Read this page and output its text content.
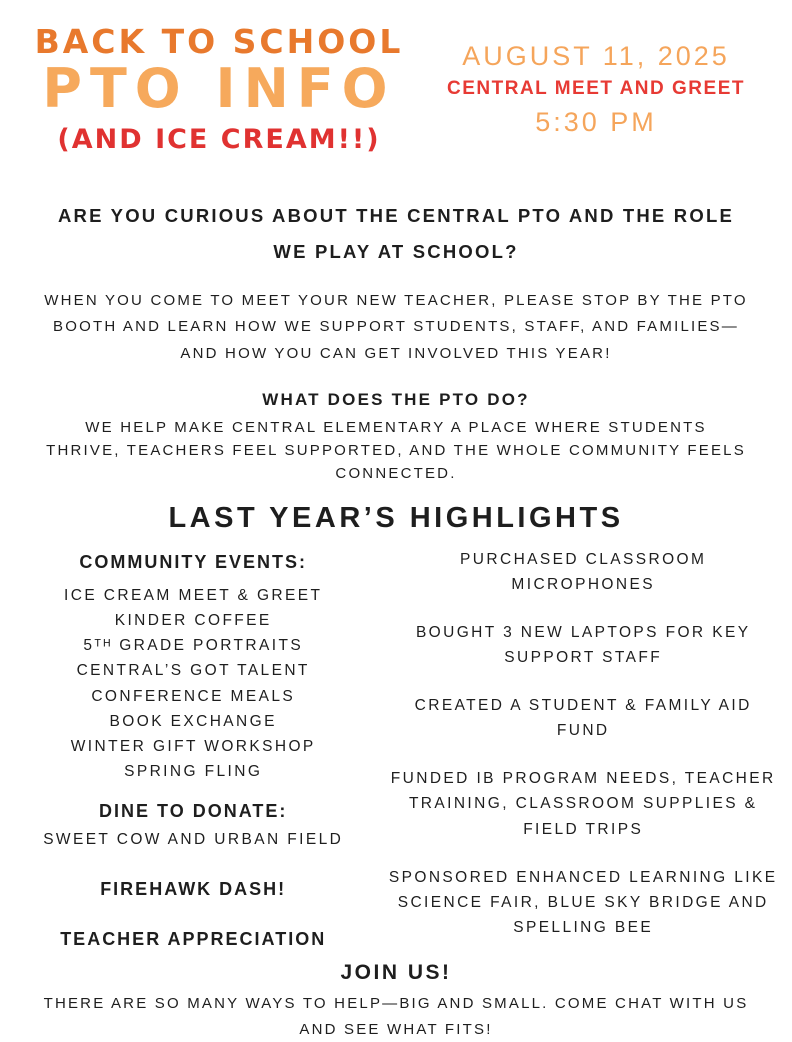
BACK TO SCHOOL
PTO INFO
(AND ICE CREAM!!)
AUGUST 11, 2025
CENTRAL MEET AND GREET
5:30 PM
ARE YOU CURIOUS ABOUT THE CENTRAL PTO AND THE ROLE WE PLAY AT SCHOOL?
WHEN YOU COME TO MEET YOUR NEW TEACHER, PLEASE STOP BY THE PTO BOOTH AND LEARN HOW WE SUPPORT STUDENTS, STAFF, AND FAMILIES— AND HOW YOU CAN GET INVOLVED THIS YEAR!
WHAT DOES THE PTO DO?
WE HELP MAKE CENTRAL ELEMENTARY A PLACE WHERE STUDENTS THRIVE, TEACHERS FEEL SUPPORTED, AND THE WHOLE COMMUNITY FEELS CONNECTED.
LAST YEAR’S HIGHLIGHTS
COMMUNITY EVENTS:
ICE CREAM MEET & GREET
KINDER COFFEE
5ᵀᴴ GRADE PORTRAITS
CENTRAL’S GOT TALENT
CONFERENCE MEALS
BOOK EXCHANGE
WINTER GIFT WORKSHOP
SPRING FLING
DINE TO DONATE:
SWEET COW AND URBAN FIELD
FIREHAWK DASH!
TEACHER APPRECIATION
PURCHASED CLASSROOM MICROPHONES
BOUGHT 3 NEW LAPTOPS FOR KEY SUPPORT STAFF
CREATED A STUDENT & FAMILY AID FUND
FUNDED IB PROGRAM NEEDS, TEACHER TRAINING, CLASSROOM SUPPLIES & FIELD TRIPS
SPONSORED ENHANCED LEARNING LIKE SCIENCE FAIR, BLUE SKY BRIDGE AND SPELLING BEE
JOIN US!
THERE ARE SO MANY WAYS TO HELP—BIG AND SMALL. COME CHAT WITH US AND SEE WHAT FITS!
